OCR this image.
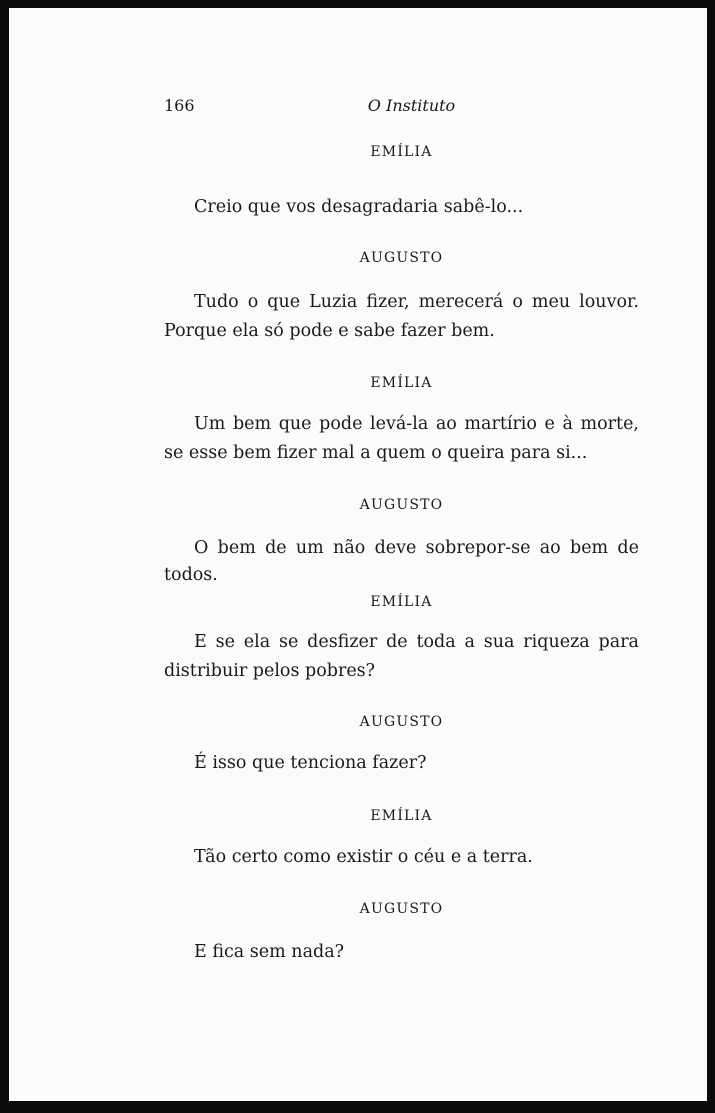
166	O Instituto
EMÍLIA
Creio que vos desagradaria sabê-lo...
AUGUSTO
Tudo o que Luzia fizer, merecerá o meu louvor.
Porque ela só pode e sabe fazer bem.
EMÍLIA
Um bem que pode levá-la ao martírio e à morte,
se esse bem fizer mal a quem o queira para si...
AUGUSTO
O bem de um não deve sobrepor-se ao bem de
todos.
EMÍLIA
E se ela se desfizer de toda a sua riqueza para
distribuir pelos pobres?
AUGUSTO
É isso que tenciona fazer?
EMÍLIA
Tão certo como existir o céu e a terra.
AUGUSTO
E fica sem nada?
